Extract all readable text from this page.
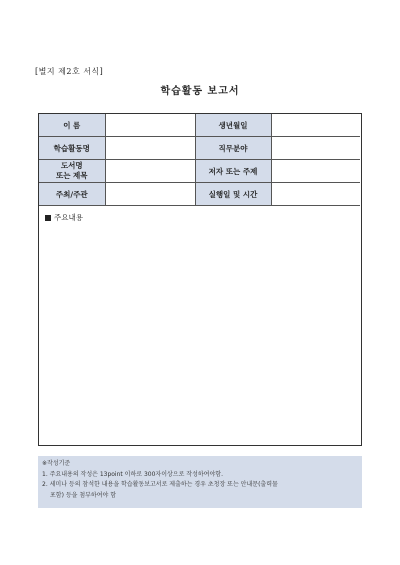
[별지 제2호 서식]
학습활동 보고서
이 름		생년월일	
학습활동명		직무분야	

도서명
또는 제목		저자 또는 주제	
주최/주관		실행일 및 시간	
주요내용
※작성기준
1. 주요내용의 작성은 13point 이하로 300자이상으로 작성하여야함.
2. 세미나 등의 참석한 내용을 학습활동보고서로 제출하는 경우 초청장 또는 안내문(출력물
포함) 등을 첨부하여야 함
